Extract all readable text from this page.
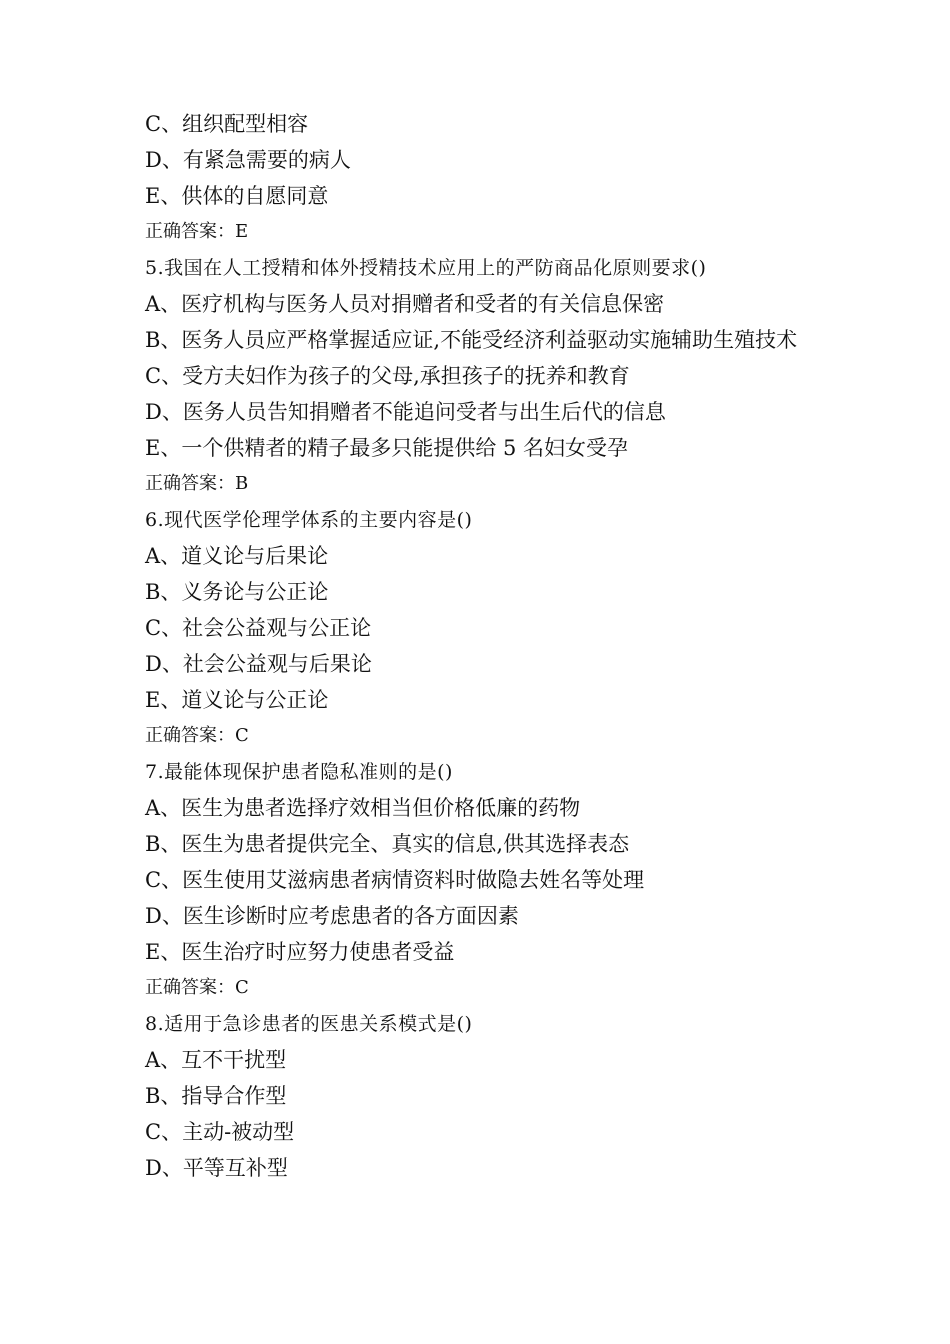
C、组织配型相容
D、有紧急需要的病人
E、供体的自愿同意
正确答案：E
5.我国在人工授精和体外授精技术应用上的严防商品化原则要求()
A、医疗机构与医务人员对捐赠者和受者的有关信息保密
B、医务人员应严格掌握适应证,不能受经济利益驱动实施辅助生殖技术
C、受方夫妇作为孩子的父母,承担孩子的抚养和教育
D、医务人员告知捐赠者不能追问受者与出生后代的信息
E、一个供精者的精子最多只能提供给 5 名妇女受孕
正确答案：B
6.现代医学伦理学体系的主要内容是()
A、道义论与后果论
B、义务论与公正论
C、社会公益观与公正论
D、社会公益观与后果论
E、道义论与公正论
正确答案：C
7.最能体现保护患者隐私准则的是()
A、医生为患者选择疗效相当但价格低廉的药物
B、医生为患者提供完全、真实的信息,供其选择表态
C、医生使用艾滋病患者病情资料时做隐去姓名等处理
D、医生诊断时应考虑患者的各方面因素
E、医生治疗时应努力使患者受益
正确答案：C
8.适用于急诊患者的医患关系模式是()
A、互不干扰型
B、指导合作型
C、主动-被动型
D、平等互补型
